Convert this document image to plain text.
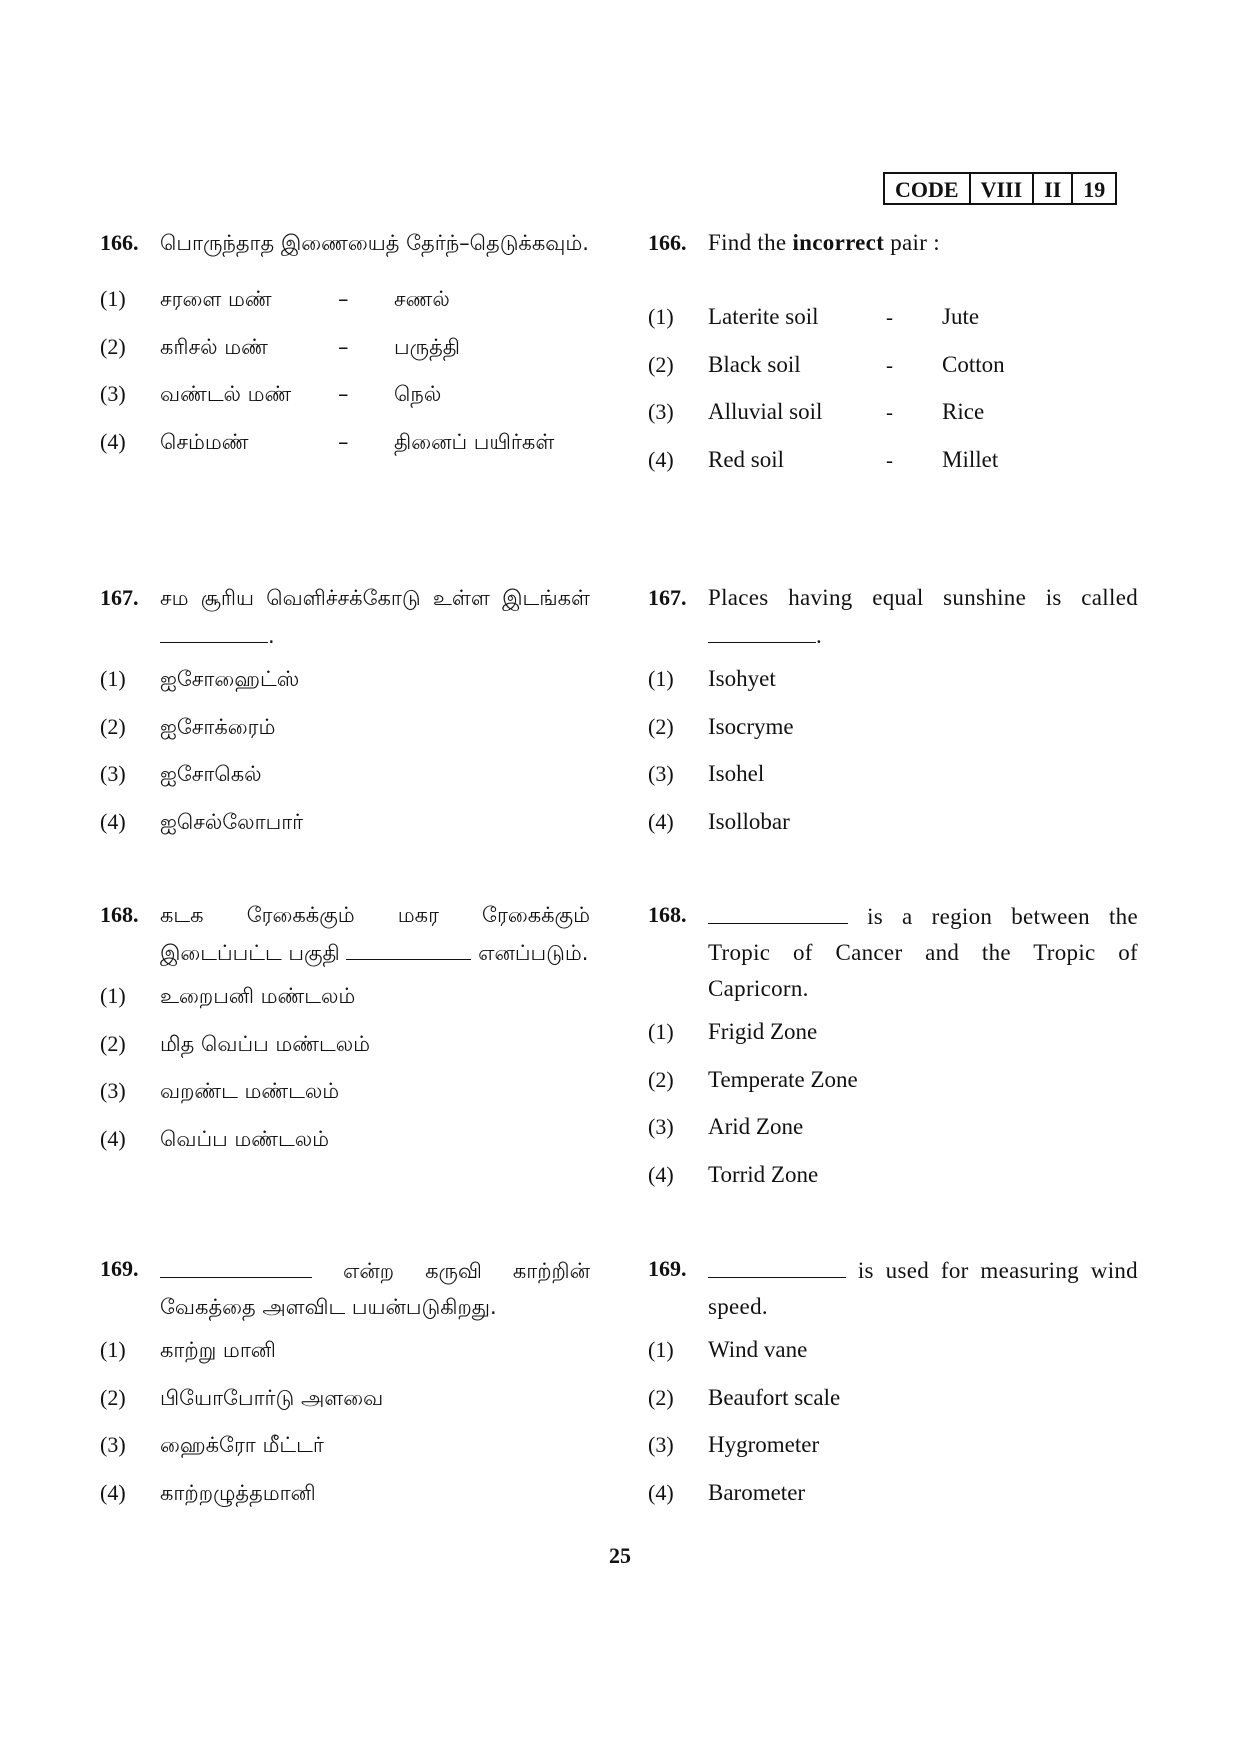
CODE	VIII	II	19
166.	பொருந்தாத இணையைத் தேர்ந்–தெடுக்கவும்.
(1)	சரளை மண்	–	சணல்
(2)	கரிசல் மண்	–	பருத்தி
(3)	வண்டல் மண்	–	நெல்
(4)	செம்மண்	–	தினைப் பயிர்கள்
167.	சம சூரிய வெளிச்சக்கோடு உள்ள இடங்கள் .
(1)	ஐசோஹைட்ஸ்
(2)	ஐசோக்ரைம்
(3)	ஐசோகெல்
(4)	ஐசெல்லோபார்
168.	கடக ரேகைக்கும் மகர ரேகைக்கும் இடைப்பட்ட பகுதி	எனப்படும்.
(1)	உறைபனி மண்டலம்
(2)	மித வெப்ப மண்டலம்
(3)	வறண்ட மண்டலம்
(4)	வெப்ப மண்டலம்
169.	என்ற கருவி காற்றின் வேகத்தை அளவிட பயன்படுகிறது.
(1)	காற்று மானி
(2)	பியோபோர்டு அளவை
(3)	ஹைக்ரோ மீட்டர்
(4)	காற்றழுத்தமானி
166. Find the incorrect pair :
(1)	Laterite soil	-	Jute
(2)	Black soil	-	Cotton
(3)	Alluvial soil	-	Rice
(4)	Red soil	-	Millet
167. Places having equal sunshine is called .
(1)	Isohyet
(2)	Isocryme
(3)	Isohel
(4)	Isollobar
168.	is a region between the Tropic of Cancer and the Tropic of Capricorn.
(1)	Frigid Zone
(2)	Temperate Zone
(3)	Arid Zone
(4)	Torrid Zone
169.	is used for measuring wind speed.
(1)	Wind vane
(2)	Beaufort scale
(3)	Hygrometer
(4)	Barometer
25
